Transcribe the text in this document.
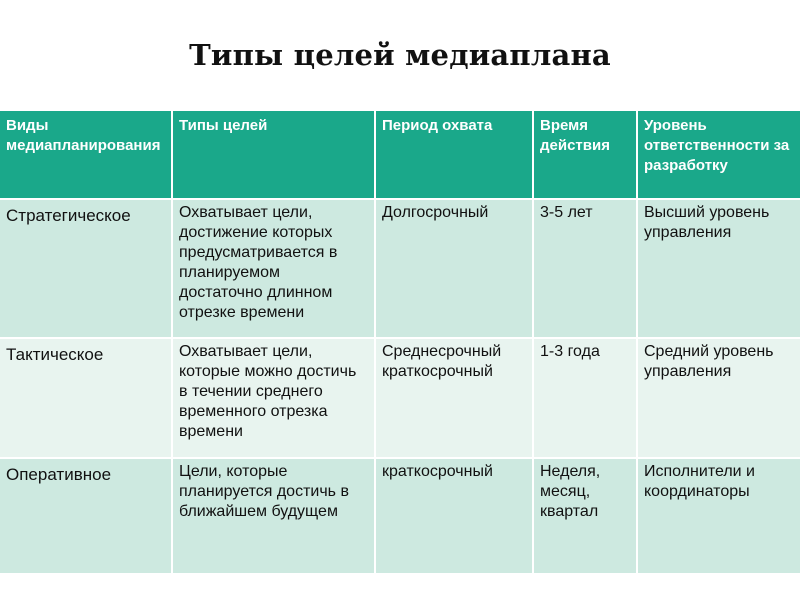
Типы целей медиаплана
Виды медиапланирования	Типы целей	Период охвата	Время действия	Уровень ответственности за разработку
Стратегическое	Охватывает цели, достижение которых предусматривается в планируемом достаточно длинном отрезке времени	Долгосрочный	3-5 лет	Высший уровень управления
Тактическое	Охватывает цели, которые можно достичь в течении среднего временного отрезка времени	Среднесрочный краткосрочный	1-3 года	Средний уровень управления
Оперативное	Цели, которые планируется достичь в ближайшем будущем	краткосрочный	Неделя, месяц, квартал	Исполнители и координаторы
